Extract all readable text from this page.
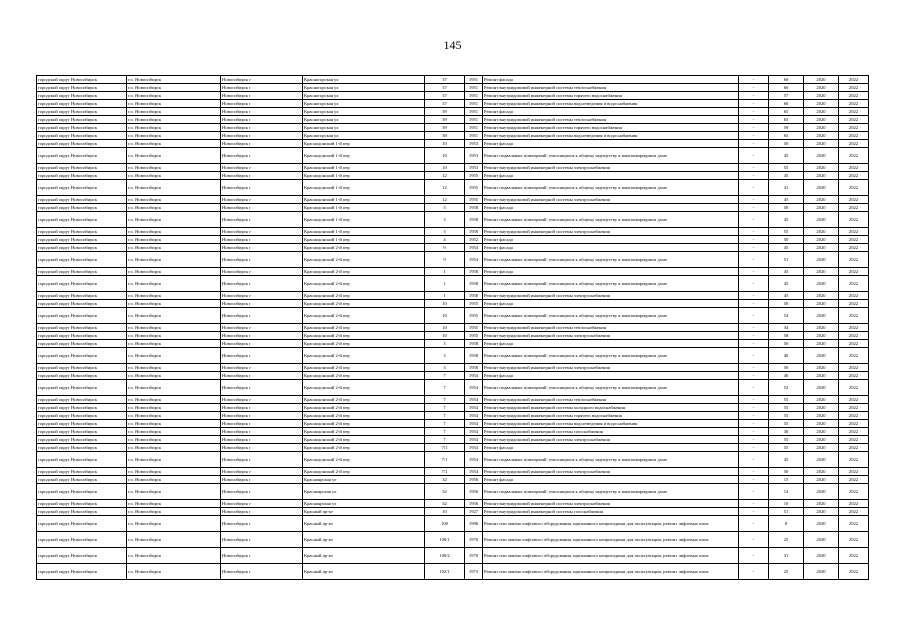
145
городской округ Новосибирск	г.о. Новосибирск	Новосибирск г	Красногорская ул	37	1951	Ремонт фасада	-	60	2020	2022
городской округ Новосибирск	г.о. Новосибирск	Новосибирск г	Красногорская ул	37	1951	Ремонт внутридомовой инженерной системы теплоснабжения	-	60	2020	2022
городской округ Новосибирск	г.о. Новосибирск	Новосибирск г	Красногорская ул	37	1951	Ремонт внутридомовой инженерной системы горячего водоснабжения	-	57	2020	2022
городской округ Новосибирск	г.о. Новосибирск	Новосибирск г	Красногорская ул	37	1951	Ремонт внутридомовой инженерной системы водоотведения и водоснабжения	-	60	2020	2022
городской округ Новосибирск	г.о. Новосибирск	Новосибирск г	Красногорская ул	39	1951	Ремонт фасада	-	65	2020	2022
городской округ Новосибирск	г.о. Новосибирск	Новосибирск г	Красногорская ул	39	1951	Ремонт внутридомовой инженерной системы теплоснабжения	-	65	2020	2022
городской округ Новосибирск	г.о. Новосибирск	Новосибирск г	Красногорская ул	39	1951	Ремонт внутридомовой инженерной системы горячего водоснабжения	-	59	2020	2022
городской округ Новосибирск	г.о. Новосибирск	Новосибирск г	Красногорская ул	39	1951	Ремонт внутридомовой инженерной системы водоотведения и водоснабжения	-	65	2020	2022
городской округ Новосибирск	г.о. Новосибирск	Новосибирск г	Краснодонский 1-й пер	10	1953	Ремонт фасада	-	50	2020	2022
городской округ Новосибирск	г.о. Новосибирск	Новосибирск г	Краснодонский 1-й пер	10	1953	Ремонт подвальных помещений, относящихся к общему имуществу в многоквартирном доме	-	45	2020	2022
городской округ Новосибирск	г.о. Новосибирск	Новосибирск г	Краснодонский 1-й пер	10	1953	Ремонт внутридомовой инженерной системы электроснабжения	-	55	2020	2022
городской округ Новосибирск	г.о. Новосибирск	Новосибирск г	Краснодонский 1-й пер	12	1955	Ремонт фасада	-	45	2020	2022
городской округ Новосибирск	г.о. Новосибирск	Новосибирск г	Краснодонский 1-й пер	12	1955	Ремонт подвальных помещений, относящихся к общему имуществу в многоквартирном доме	-	41	2020	2022
городской округ Новосибирск	г.о. Новосибирск	Новосибирск г	Краснодонский 1-й пер	12	1955	Ремонт внутридомовой инженерной системы электроснабжения	-	45	2020	2022
городской округ Новосибирск	г.о. Новосибирск	Новосибирск г	Краснодонский 1-й пер	3	1958	Ремонт фасада	-	50	2020	2022
городской округ Новосибирск	г.о. Новосибирск	Новосибирск г	Краснодонский 1-й пер	3	1958	Ремонт подвальных помещений, относящихся к общему имуществу в многоквартирном доме	-	45	2020	2022
городской округ Новосибирск	г.о. Новосибирск	Новосибирск г	Краснодонский 1-й пер	3	1958	Ремонт внутридомовой инженерной системы электроснабжения	-	55	2020	2022
городской округ Новосибирск	г.о. Новосибирск	Новосибирск г	Краснодонский 1-й пер	4	1952	Ремонт фасада	-	50	2020	2022
городской округ Новосибирск	г.о. Новосибирск	Новосибирск г	Краснодонский 2-й пер	9	1954	Ремонт фасада	-	45	2020	2022
городской округ Новосибирск	г.о. Новосибирск	Новосибирск г	Краснодонский 2-й пер	9	1954	Ремонт подвальных помещений, относящихся к общему имуществу в многоквартирном доме	-	51	2020	2022
городской округ Новосибирск	г.о. Новосибирск	Новосибирск г	Краснодонский 2-й пер	1	1958	Ремонт фасада	-	45	2020	2022
городской округ Новосибирск	г.о. Новосибирск	Новосибирск г	Краснодонский 2-й пер	1	1958	Ремонт подвальных помещений, относящихся к общему имуществу в многоквартирном доме	-	45	2020	2022
городской округ Новосибирск	г.о. Новосибирск	Новосибирск г	Краснодонский 2-й пер	1	1958	Ремонт внутридомовой инженерной системы электроснабжения	-	45	2020	2022
городской округ Новосибирск	г.о. Новосибирск	Новосибирск г	Краснодонский 2-й пер	10	1955	Ремонт фасада	-	50	2020	2022
городской округ Новосибирск	г.о. Новосибирск	Новосибирск г	Краснодонский 2-й пер	10	1955	Ремонт подвальных помещений, относящихся к общему имуществу в многоквартирном доме	-	54	2020	2022
городской округ Новосибирск	г.о. Новосибирск	Новосибирск г	Краснодонский 2-й пер	10	1955	Ремонт внутридомовой инженерной системы теплоснабжения	-	34	2020	2022
городской округ Новосибирск	г.о. Новосибирск	Новосибирск г	Краснодонский 2-й пер	10	1955	Ремонт внутридомовой инженерной системы электроснабжения	-	58	2020	2022
городской округ Новосибирск	г.о. Новосибирск	Новосибирск г	Краснодонский 2-й пер	3	1958	Ремонт фасада	-	50	2020	2022
городской округ Новосибирск	г.о. Новосибирск	Новосибирск г	Краснодонский 2-й пер	3	1958	Ремонт подвальных помещений, относящихся к общему имуществу в многоквартирном доме	-	40	2020	2022
городской округ Новосибирск	г.о. Новосибирск	Новосибирск г	Краснодонский 2-й пер	3	1958	Ремонт внутридомовой инженерной системы электроснабжения	-	50	2020	2022
городской округ Новосибирск	г.о. Новосибирск	Новосибирск г	Краснодонский 2-й пер	7	1954	Ремонт фасада	-	40	2020	2022
городской округ Новосибирск	г.о. Новосибирск	Новосибирск г	Краснодонский 2-й пер	7	1954	Ремонт подвальных помещений, относящихся к общему имуществу в многоквартирном доме	-	52	2020	2022
городской округ Новосибирск	г.о. Новосибирск	Новосибирск г	Краснодонский 2-й пер	7	1954	Ремонт внутридомовой инженерной системы теплоснабжения	-	55	2020	2022
городской округ Новосибирск	г.о. Новосибирск	Новосибирск г	Краснодонский 2-й пер	7	1954	Ремонт внутридомовой инженерной системы холодного водоснабжения	-	55	2020	2022
городской округ Новосибирск	г.о. Новосибирск	Новосибирск г	Краснодонский 2-й пер	7	1954	Ремонт внутридомовой инженерной системы горячего водоснабжения	-	55	2020	2022
городской округ Новосибирск	г.о. Новосибирск	Новосибирск г	Краснодонский 2-й пер	7	1954	Ремонт внутридомовой инженерной системы водоотведения и водоснабжения	-	55	2020	2022
городской округ Новосибирск	г.о. Новосибирск	Новосибирск г	Краснодонский 2-й пер	7	1954	Ремонт внутридомовой инженерной системы газоснабжения	-	30	2020	2022
городской округ Новосибирск	г.о. Новосибирск	Новосибирск г	Краснодонский 2-й пер	7	1954	Ремонт внутридомовой инженерной системы электроснабжения	-	55	2020	2022
городской округ Новосибирск	г.о. Новосибирск	Новосибирск г	Краснодонский 2-й пер	7/1	1954	Ремонт фасада	-	55	2020	2022
городской округ Новосибирск	г.о. Новосибирск	Новосибирск г	Краснодонский 2-й пер	7/1	1954	Ремонт подвальных помещений, относящихся к общему имуществу в многоквартирном доме	-	45	2020	2022
городской округ Новосибирск	г.о. Новосибирск	Новосибирск г	Краснодонский 2-й пер	7/1	1954	Ремонт внутридомовой инженерной системы электроснабжения	-	50	2020	2022
городской округ Новосибирск	г.о. Новосибирск	Новосибирск г	Красноярская ул	32	1956	Ремонт фасада	-	15	2020	2022
городской округ Новосибирск	г.о. Новосибирск	Новосибирск г	Красноярская ул	32	1956	Ремонт подвальных помещений, относящихся к общему имуществу в многоквартирном доме	-	14	2020	2022
городской округ Новосибирск	г.о. Новосибирск	Новосибирск г	Красноярская ул	32	1956	Ремонт внутридомовой инженерной системы электроснабжения	-	10	2020	2022
городской округ Новосибирск	г.о. Новосибирск	Новосибирск г	Красный пр-кт	10	1927	Ремонт внутридомовой инженерной системы газоснабжения	-	51	2020	2022
городской округ Новосибирск	г.о. Новосибирск	Новосибирск г	Красный пр-кт	100	1996	Ремонт или замена лифтового оборудования, признанного непригодным для эксплуатации, ремонт лифтовых шахт	-	8	2020	2022
городской округ Новосибирск	г.о. Новосибирск	Новосибирск г	Красный пр-кт	100/1	1976	Ремонт или замена лифтового оборудования, признанного непригодным для эксплуатации, ремонт лифтовых шахт	-	25	2020	2022
городской округ Новосибирск	г.о. Новосибирск	Новосибирск г	Красный пр-кт	100/2	1970	Ремонт или замена лифтового оборудования, признанного непригодным для эксплуатации, ремонт лифтовых шахт	-	31	2020	2022
городской округ Новосибирск	г.о. Новосибирск	Новосибирск г	Красный пр-кт	102/1	1973	Ремонт или замена лифтового оборудования, признанного непригодным для эксплуатации, ремонт лифтовых шахт	-	25	2020	2022
